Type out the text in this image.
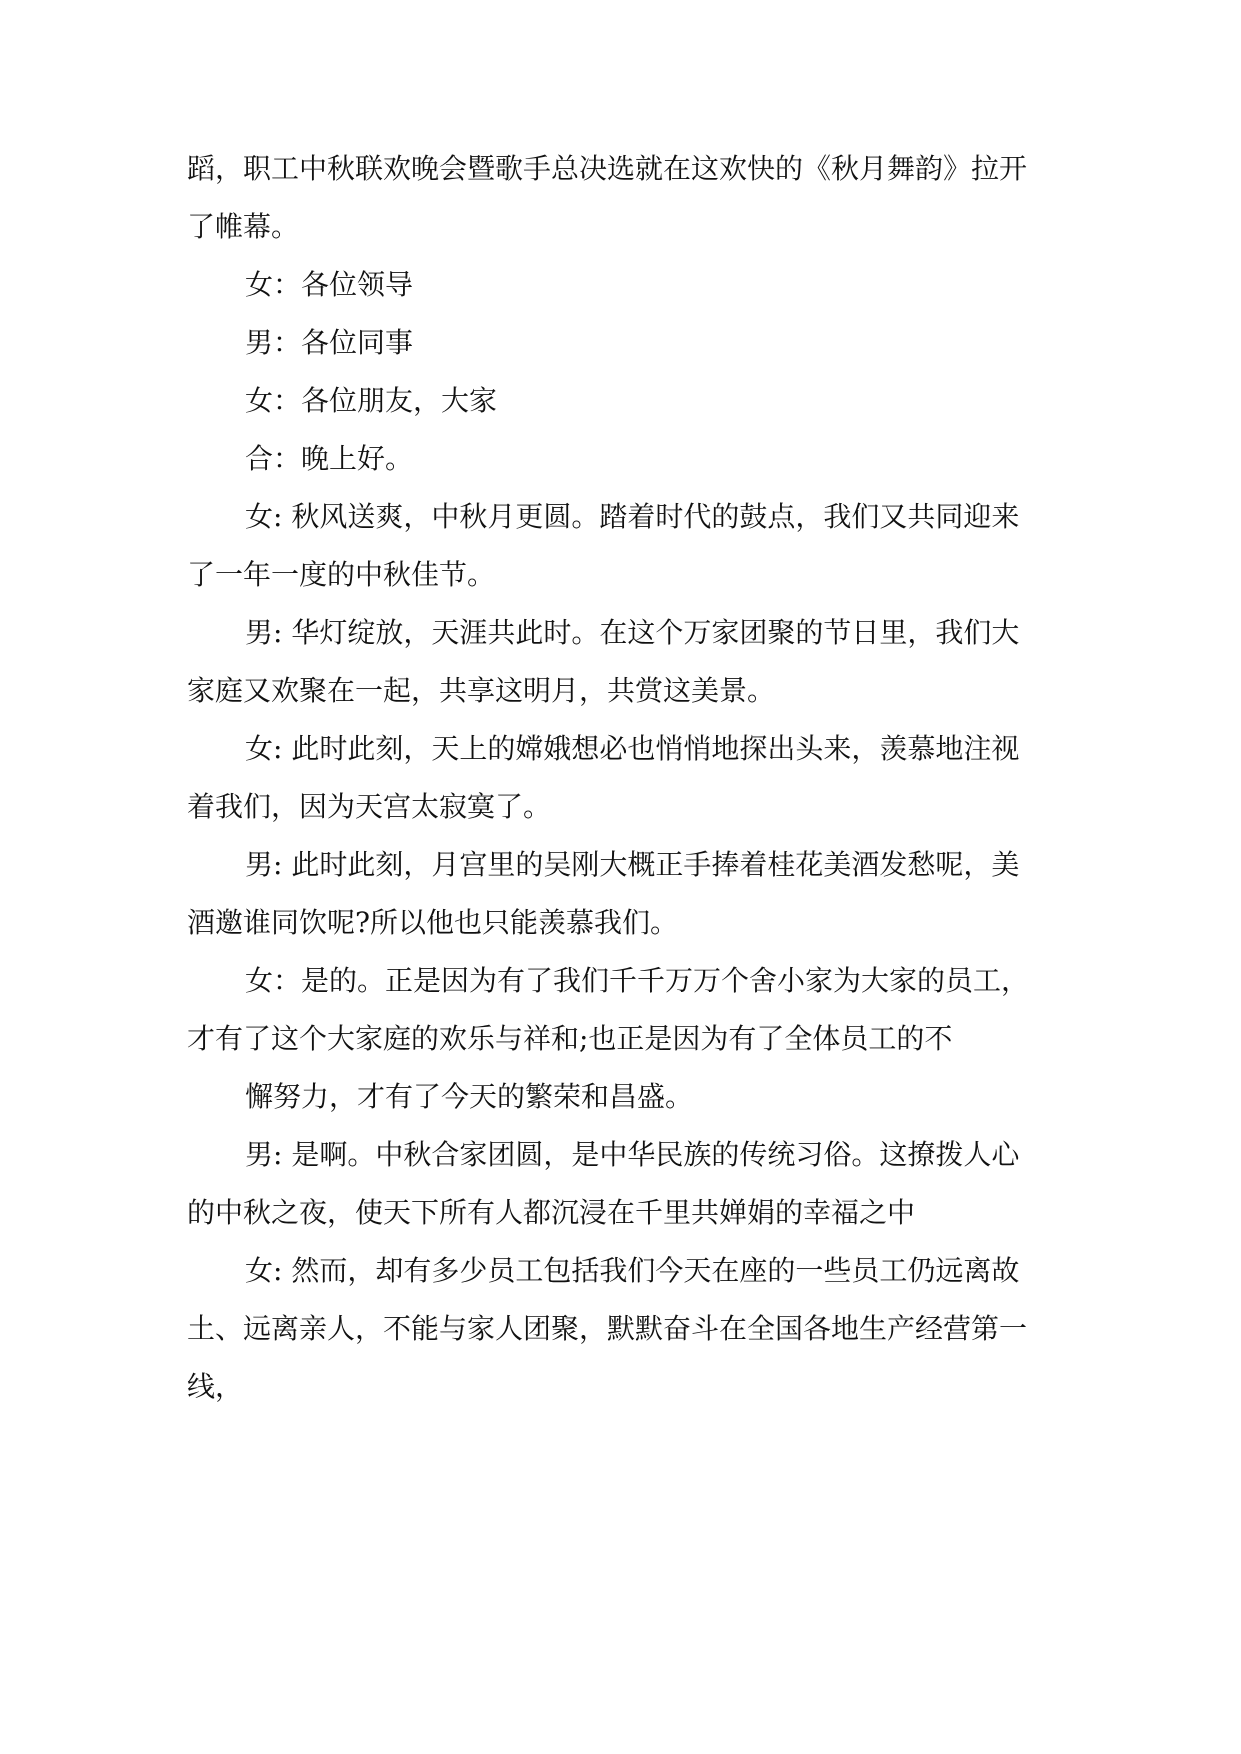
蹈，职工中秋联欢晚会暨歌手总决选就在这欢快的《秋月舞韵》拉开
了帷幕。
女：各位领导
男：各位同事
女：各位朋友，大家
合：晚上好。
女: 秋风送爽，中秋月更圆。踏着时代的鼓点，我们又共同迎来
了一年一度的中秋佳节。
男: 华灯绽放，天涯共此时。在这个万家团聚的节日里，我们大
家庭又欢聚在一起，共享这明月，共赏这美景。
女: 此时此刻，天上的嫦娥想必也悄悄地探出头来，羡慕地注视
着我们，因为天宫太寂寞了。
男: 此时此刻，月宫里的吴刚大概正手捧着桂花美酒发愁呢，美
酒邀谁同饮呢?所以他也只能羡慕我们。
女：是的。正是因为有了我们千千万万个舍小家为大家的员工，
才有了这个大家庭的欢乐与祥和;也正是因为有了全体员工的不
懈努力，才有了今天的繁荣和昌盛。
男: 是啊。中秋合家团圆，是中华民族的传统习俗。这撩拨人心
的中秋之夜，使天下所有人都沉浸在千里共婵娟的幸福之中
女: 然而，却有多少员工包括我们今天在座的一些员工仍远离故
土、远离亲人，不能与家人团聚，默默奋斗在全国各地生产经营第一
线，
